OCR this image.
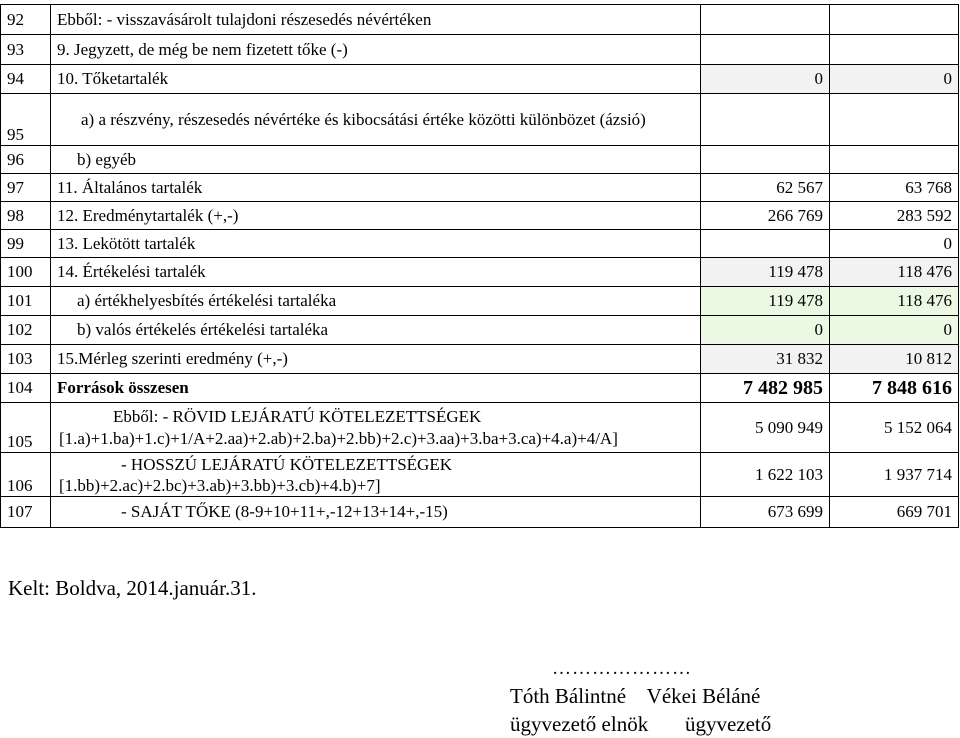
92	Ebből: - visszavásárolt tulajdoni részesedés névértéken		
93	9. Jegyzett, de még be nem fizetett tőke (-)		
94	10. Tőketartalék	0	0
95	a) a részvény, részesedés névértéke és kibocsátási értéke közötti különbözet (ázsió)		
96	b) egyéb		
97	11. Általános tartalék	62 567	63 768
98	12. Eredménytartalék (+,-)	266 769	283 592
99	13. Lekötött tartalék		0
100	14. Értékelési tartalék	119 478	118 476
101	a) értékhelyesbítés értékelési tartaléka	119 478	118 476
102	b) valós értékelés értékelési tartaléka	0	0
103	15.Mérleg szerinti eredmény (+,-)	31 832	10 812
104	Források összesen	7 482 985	7 848 616
105	Ebből: - RÖVID LEJÁRATÚ KÖTELEZETTSÉGEK
[1.a)+1.ba)+1.c)+1/A+2.aa)+2.ab)+2.ba)+2.bb)+2.c)+3.aa)+3.ba+3.ca)+4.a)+4/A]	5 090 949	5 152 064
106	- HOSSZÚ LEJÁRATÚ KÖTELEZETTSÉGEK
[1.bb)+2.ac)+2.bc)+3.ab)+3.bb)+3.cb)+4.b)+7]	1 622 103	1 937 714
107	- SAJÁT TŐKE (8-9+10+11+,-12+13+14+,-15)	673 699	669 701
Kelt: Boldva, 2014.január.31.
…………………
Tóth Bálintné    Vékei Béláné
ügyvezető elnök       ügyvezető
